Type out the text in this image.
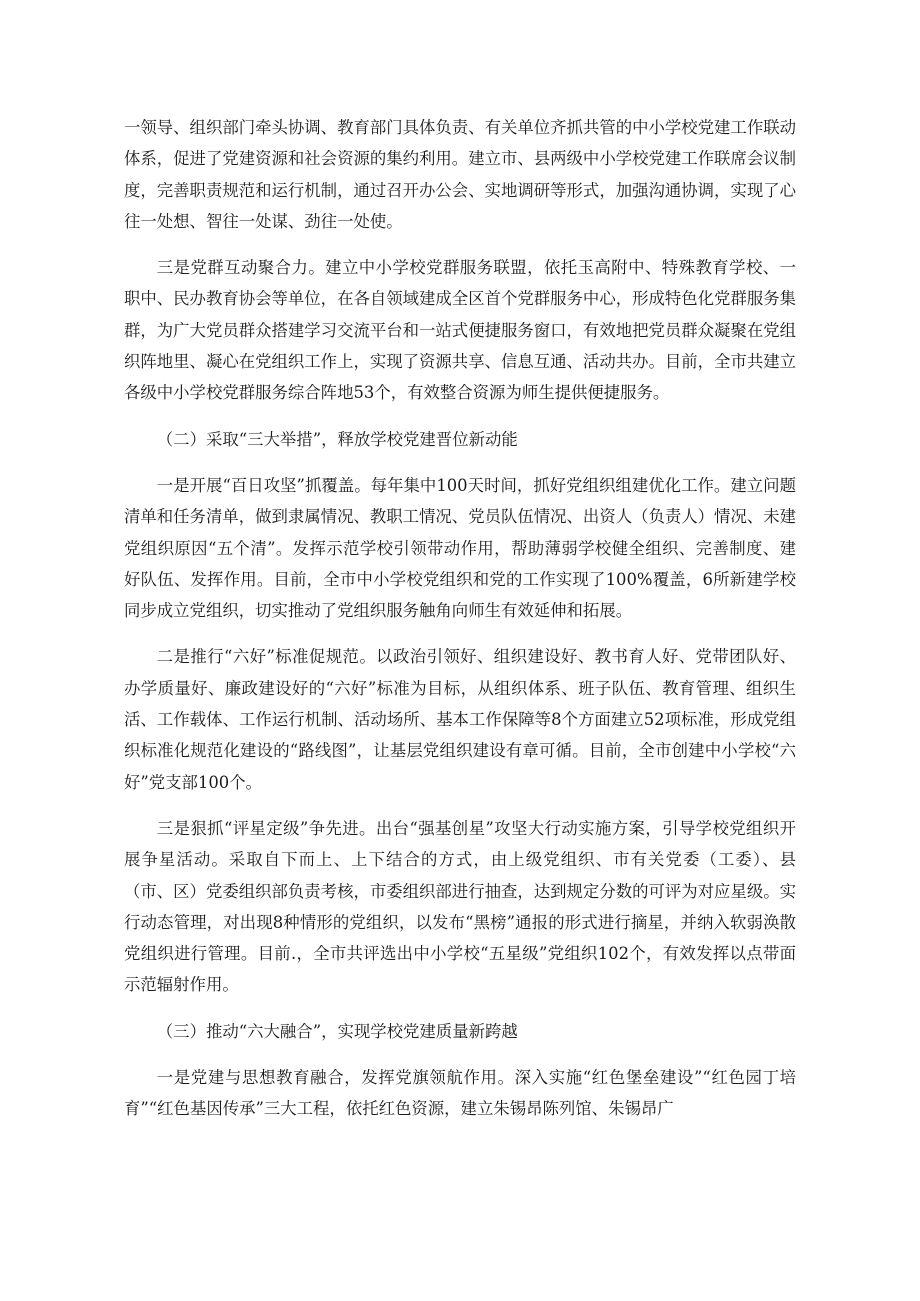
一领导、组织部门牵头协调、教育部门具体负责、有关单位齐抓共管的中小学校党建工作联动体系，促进了党建资源和社会资源的集约利用。建立市、县两级中小学校党建工作联席会议制度，完善职责规范和运行机制，通过召开办公会、实地调研等形式，加强沟通协调，实现了心往一处想、智往一处谋、劲往一处使。

三是党群互动聚合力。建立中小学校党群服务联盟，依托玉高附中、特殊教育学校、一职中、民办教育协会等单位，在各自领域建成全区首个党群服务中心，形成特色化党群服务集群，为广大党员群众搭建学习交流平台和一站式便捷服务窗口，有效地把党员群众凝聚在党组织阵地里、凝心在党组织工作上，实现了资源共享、信息互通、活动共办。目前，全市共建立各级中小学校党群服务综合阵地53个，有效整合资源为师生提供便捷服务。

（二）采取“三大举措”，释放学校党建晋位新动能

一是开展“百日攻坚”抓覆盖。每年集中100天时间，抓好党组织组建优化工作。建立问题清单和任务清单，做到隶属情况、教职工情况、党员队伍情况、出资人（负责人）情况、未建党组织原因“五个清”。发挥示范学校引领带动作用，帮助薄弱学校健全组织、完善制度、建好队伍、发挥作用。目前，全市中小学校党组织和党的工作实现了100%覆盖，6所新建学校同步成立党组织，切实推动了党组织服务触角向师生有效延伸和拓展。

二是推行“六好”标准促规范。以政治引领好、组织建设好、教书育人好、党带团队好、办学质量好、廉政建设好的“六好”标准为目标，从组织体系、班子队伍、教育管理、组织生活、工作载体、工作运行机制、活动场所、基本工作保障等8个方面建立52项标准，形成党组织标准化规范化建设的“路线图”，让基层党组织建设有章可循。目前，全市创建中小学校“六好”党支部100个。

三是狠抓“评星定级”争先进。出台“强基创星”攻坚大行动实施方案，引导学校党组织开展争星活动。采取自下而上、上下结合的方式，由上级党组织、市有关党委（工委）、县（市、区）党委组织部负责考核，市委组织部进行抽查，达到规定分数的可评为对应星级。实行动态管理，对出现8种情形的党组织，以发布“黑榜”通报的形式进行摘星，并纳入软弱涣散党组织进行管理。目前.，全市共评选出中小学校“五星级”党组织102个，有效发挥以点带面示范辐射作用。

（三）推动“六大融合”，实现学校党建质量新跨越

一是党建与思想教育融合，发挥党旗领航作用。深入实施“红色堡垒建设”“红色园丁培育”“红色基因传承”三大工程，依托红色资源，建立朱锡昂陈列馆、朱锡昂广
